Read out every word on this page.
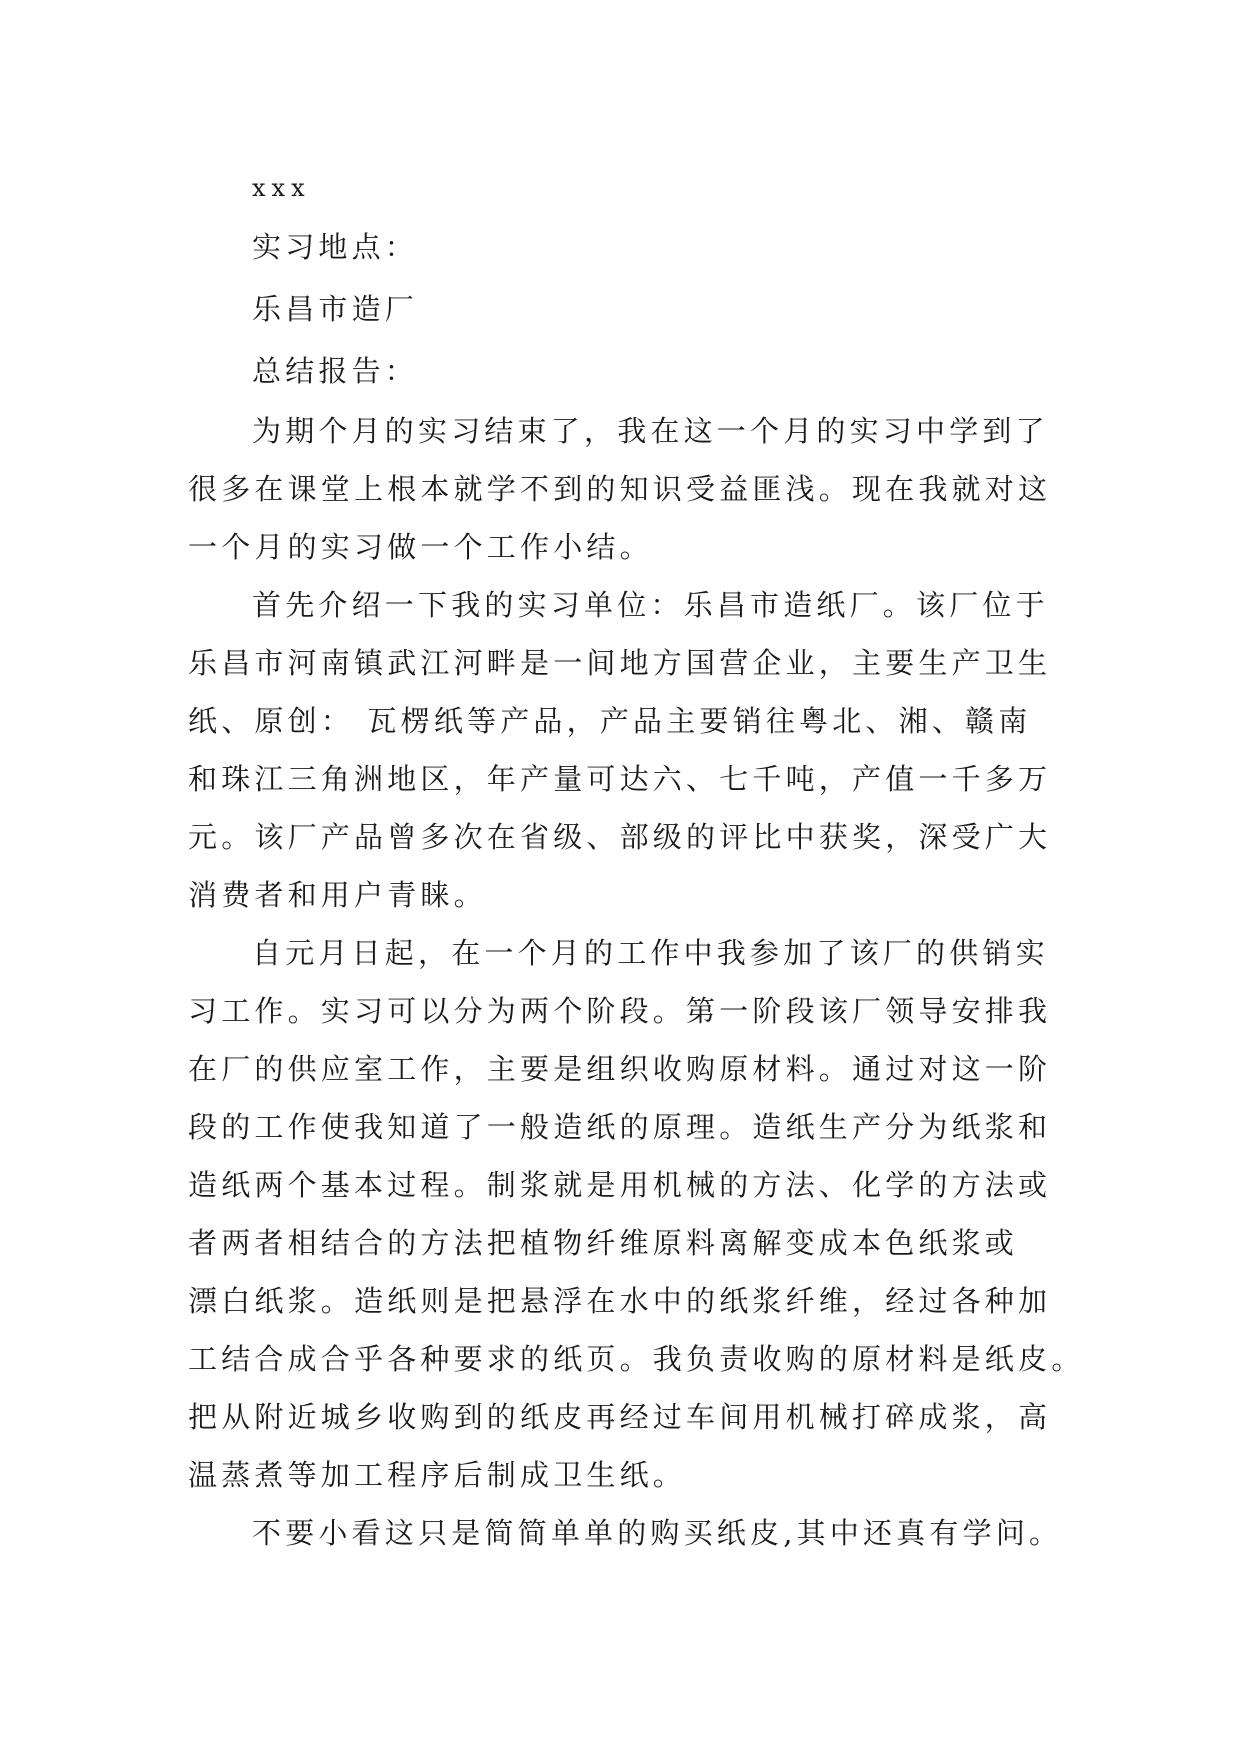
xxx
实习地点：
乐昌市造厂
总结报告：
为期个月的实习结束了，我在这一个月的实习中学到了
很多在课堂上根本就学不到的知识受益匪浅。现在我就对这
一个月的实习做一个工作小结。
首先介绍一下我的实习单位：乐昌市造纸厂。该厂位于
乐昌市河南镇武江河畔是一间地方国营企业，主要生产卫生
纸、原创： 瓦楞纸等产品，产品主要销往粤北、湘、赣南
和珠江三角洲地区，年产量可达六、七千吨，产值一千多万
元。该厂产品曾多次在省级、部级的评比中获奖，深受广大
消费者和用户青睐。
自元月日起，在一个月的工作中我参加了该厂的供销实
习工作。实习可以分为两个阶段。第一阶段该厂领导安排我
在厂的供应室工作，主要是组织收购原材料。通过对这一阶
段的工作使我知道了一般造纸的原理。造纸生产分为纸浆和
造纸两个基本过程。制浆就是用机械的方法、化学的方法或
者两者相结合的方法把植物纤维原料离解变成本色纸浆或
漂白纸浆。造纸则是把悬浮在水中的纸浆纤维，经过各种加
工结合成合乎各种要求的纸页。我负责收购的原材料是纸皮。
把从附近城乡收购到的纸皮再经过车间用机械打碎成浆，高
温蒸煮等加工程序后制成卫生纸。
不要小看这只是简简单单的购买纸皮,其中还真有学问。
